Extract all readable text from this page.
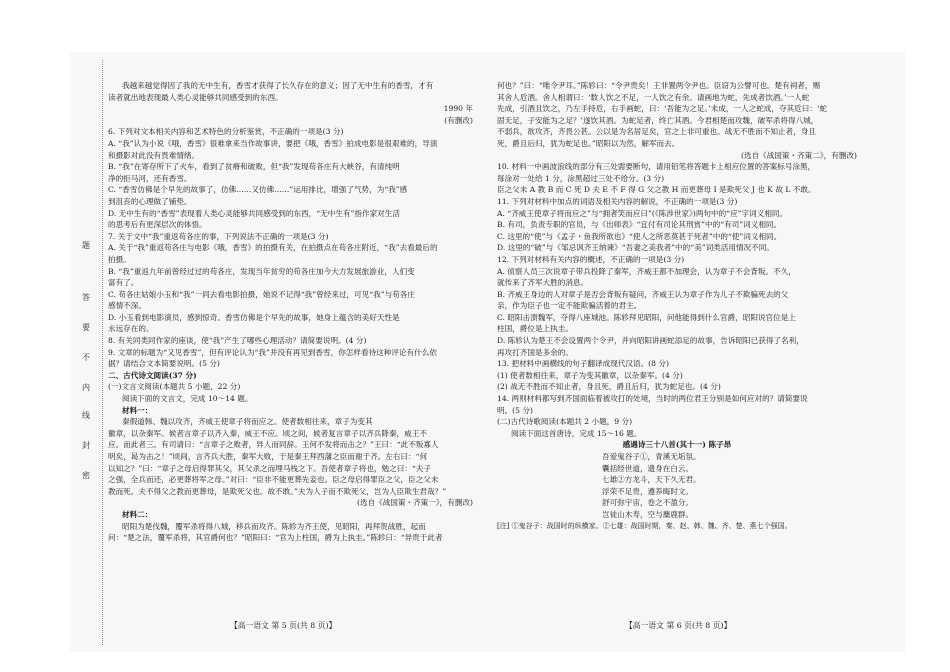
题
答
要
不
内
线
封
密

我越来越觉得因了我的无中生有，香雪才获得了长久存在的意义；因了无中生有的香雪，才有

读者就出地表现最人类心灵能够共同感受到的东西。

1990 年

(有删改)

6. 下列对文本相关内容和艺术特色的分析鉴赏，不正确的一项是(3 分)

A. “我”认为小说《哦，香雪》很难拿来当作故事讲，要把《哦，香雪》拍成电影是很艰难的，导演

和摄影对此没有畏难情绪。

B. “我”在寄存所下了火车，看到了贫瘠和破败，但“我”发现苟各庄有大峡谷，有清纯明

净的拒马河，还有香雪。

C. “香雪仿佛是个早先的故事了，仿佛……又仿佛……”运用排比，增强了气势，为“我”感

到沮丧的心理做了铺垫。

D. 无中生有的“香雪”表现着人类心灵能够共同感受到的东西，“无中生有”指作家对生活

的思考后有更深层次的体悟。

7. 关于文中“我”重返苟各庄的事，下列说法不正确的一项是(3 分)

A. 关于“我”重返苟各庄与电影《哦，香雪》的拍摄有关，在拍摄点在苟各庄附近，“我”去看最后的

拍摄。

B. “我”重返九年前曾经过过的苟各庄，发现当年贫穷的苟各庄加今大力发展旅游业，人们变

富有了。

C. 苟各庄姑娘小玉和“我”一同去看电影拍摄，她说不记得“我”曾经来过，可见“我”与苟各庄

感情不深。

D. 小玉看到电影演员，感到惊奇。香雪仿佛是个早先的故事，她身上蕴含的美好天性是

永远存在的。

8. 有关同类同作家的座谈，使“我”产生了哪些心理活动？请简要说明。(4 分)

9. 文章的标题为“又见香雪”，但有评论认为“我”并没有再见到香雪，你怎样看待这种评论有什么依

据？请结合文本简要说明。(5 分)

二、古代诗文阅读(37 分)

(一)文言文阅读(本题共 5 小题，22 分)

阅读下面的文言文，完成 10～14 题。

材料一：

秦假道韩、魏以攻齐，齐威王使章子将而应之。使者数相往来，章子为变其

徽章，以杂秦军。候者言章子以齐入秦，威王不应。顷之间，候者复言章子以齐兵降秦，威王不

应。而此者三。有司请曰：“言章子之败者，异人而同辞。王何不发将而击之？”王曰：“此不叛寡人

明矣，曷为击之！”顷间，言齐兵大胜，秦军大败，于是秦王拜西藩之臣而谢于齐。左右曰：“何

以知之？”曰：“章子之母启得罪其父，其父杀之而埋马栈之下。吾使者章子将也，勉之曰：“夫子

之强，全兵而还，必更葬将军之母。”对曰：“臣非不能更葬先妾也。臣之母启得罪臣之父，臣之父未

教而死。夫不得父之教而更葬母，是欺死父也。故不敢。”夫为人子而不欺死父，岂为人臣欺生君哉？”

(选自《战国策・齐策一》，有删改)

材料二：

昭阳为楚伐魏，覆军杀将得八城，移兵而攻齐。陈轸为齐王使，见昭阳，再拜贺战胜，起而

问：“楚之法，覆军杀将，其官爵何也？”昭阳曰：“官为上柱国，爵为上执圭。”陈轸曰：“异贵于此者

何也？”曰：“唯令尹耳。”陈轸曰：“令尹贵矣！王非置两令尹也。臣窃为公譬可也。楚有祠者，赐

其舍人卮酒。舍人相谓曰：‘数人饮之不足，一人饮之有余。请画地为蛇，先成者饮酒。’一人蛇

先成，引酒且饮之，乃左手持卮，右手画蛇，曰：‘吾能为之足。’未成，一人之蛇成，夺其卮曰：‘蛇

固无足，子安能为之足？’遂饮其酒。为蛇足者，终亡其酒。今君相楚而攻魏，破军杀将得八城，

不弱兵，欲攻齐，齐畏公甚。公以是为名居足矣，官之上非可重也。战无不胜而不知止者，身且

死，爵且后归，犹为蛇足也。”昭阳以为然，解军而去。

(选自《战国策・齐策二》，有删改)

10. 材料一中画波浪线的部分有三处需要断句，请用铅笔将答题卡上相应位置的答案标号涂黑，

每涂对一处给 1 分，涂黑超过三处不给分。(3 分)

臣之父未 A 教 B 而 C 死 D 夫 E 不 F 得 G 父之教 H 而更葬母 I 是欺死父 J 也 K 故 L 不敢。

11. 下列对材料中加点的词语及相关内容的解说，不正确的一项是(3 分)

A. “齐威王使章子将而应之”与“拥者笑而应曰”(《陈涉世家》)两句中的“应”字词义相同。

B. 有司，负责专职的官员，与《出师表》“宜付有司论其刑赏”中的“有司”词义相同。

C. 这里的“使”与《孟子・鱼我所欲也》“使人之所恶莫甚于死者”中的“使”词义相同。

D. 这里的“破”与《邹忌讽齐王纳谏》“吾妻之美我者”中的“美”词类活用情况不同。

12. 下列对材料有关内容的概述，不正确的一项是(3 分)

A. 侦察人员三次说章子带兵投降了秦军，齐威王都不加理会，认为章子不会背叛。不久，

就传来了齐军大胜的消息。

B. 齐威王身边的人对章子是否会背叛有疑问，齐威王认为章子作为儿子不欺骗死去的父

亲，作为臣子也一定不能欺骗活着的君主。

C. 昭阳击溃魏军，夺得八座城池。陈轸拜见昭阳，问他能得到什么官爵，昭阳说官位是上

柱国，爵位是上执圭。

D. 陈轸认为楚王不会设置两个令尹，并向昭阳讲画蛇添足的故事，告诉昭阳已获得了名利，

再攻打齐国是多余的。

13. 把材料中画横线的句子翻译成现代汉语。(8 分)

(1) 使者数相往来，章子为变其徽章，以杂秦军。(4 分)

(2) 战无不胜而不知止者，身且死，爵且后归，犹为蛇足也。(4 分)

14. 两则材料都写到齐国面临着被攻打的处境，当时的两位君王分别是如何应对的？请简要说

明。(5 分)

(二)古代诗歌阅读(本题共 2 小题，9 分)

阅读下面这首唐诗，完成 15～16 题。

感遇诗三十八首(其十一) 陈子昂

吾爱鬼谷子①，青溪无垢氛。

囊括经世道，遗身在白云。

七雄②方龙斗，天下久无君。

浮荣不足贵，遵养晦时文。

舒可弥宇宙，卷之不盈分。

岂徒山木寿，空与麋鹿群。

[注] ①鬼谷子：战国时的纵横家。②七雄：战国时期，秦、赵、韩、魏、齐、楚、燕七个强国。

【高一语文 第 5 页(共 8 页)】	【高一语文 第 6 页(共 8 页)】
